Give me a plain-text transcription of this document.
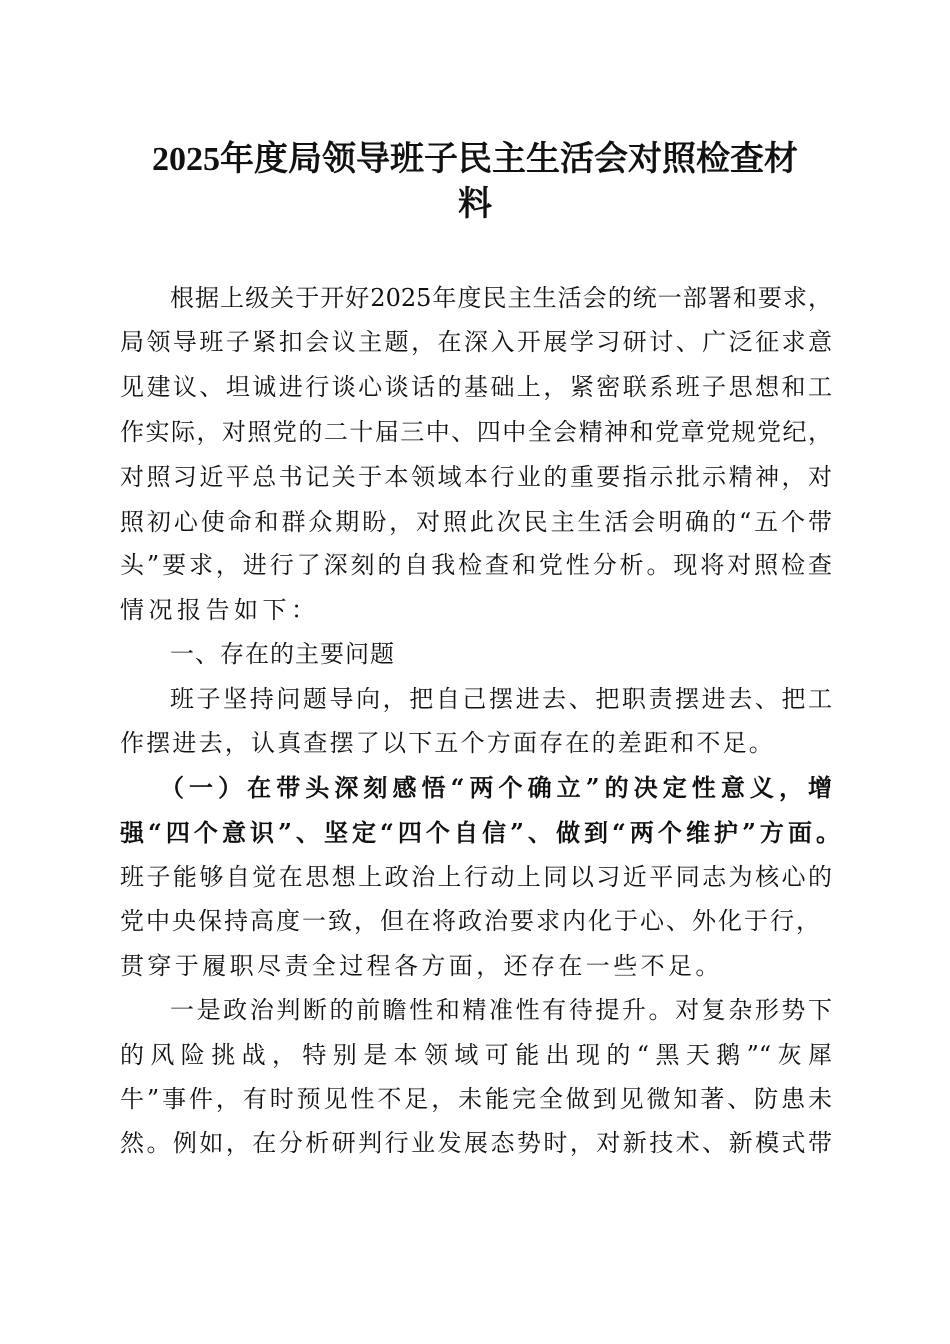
2025年度局领导班子民主生活会对照检查材
料
根据上级关于开好2025年度民主生活会的统一部署和要求，
局领导班子紧扣会议主题，在深入开展学习研讨、广泛征求意
见建议、坦诚进行谈心谈话的基础上，紧密联系班子思想和工
作实际，对照党的二十届三中、四中全会精神和党章党规党纪，
对照习近平总书记关于本领域本行业的重要指示批示精神，对
照初心使命和群众期盼，对照此次民主生活会明确的“五个带
头”要求，进行了深刻的自我检查和党性分析。现将对照检查
情况报告如下：
一、存在的主要问题
班子坚持问题导向，把自己摆进去、把职责摆进去、把工
作摆进去，认真查摆了以下五个方面存在的差距和不足。
（一）在带头深刻感悟“两个确立”的决定性意义，增
强“四个意识”、坚定“四个自信”、做到“两个维护”方面。
班子能够自觉在思想上政治上行动上同以习近平同志为核心的
党中央保持高度一致，但在将政治要求内化于心、外化于行，
贯穿于履职尽责全过程各方面，还存在一些不足。
一是政治判断的前瞻性和精准性有待提升。对复杂形势下
的风险挑战，特别是本领域可能出现的“黑天鹅”“灰犀
牛”事件，有时预见性不足，未能完全做到见微知著、防患未
然。例如，在分析研判行业发展态势时，对新技术、新模式带
